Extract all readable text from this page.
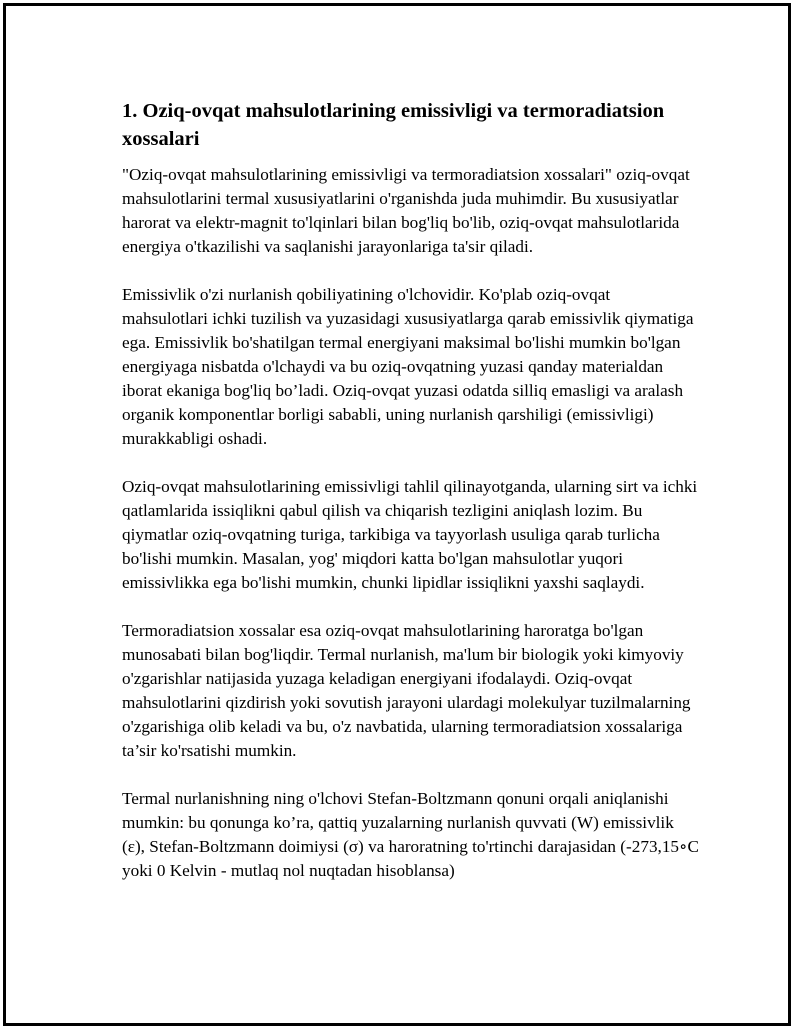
1. Oziq-ovqat mahsulotlarining emissivligi va termoradiatsion xossalari

"Oziq-ovqat mahsulotlarining emissivligi va termoradiatsion xossalari" oziq-ovqat mahsulotlarini termal xususiyatlarini o'rganishda juda muhimdir. Bu xususiyatlar harorat va elektr-magnit to'lqinlari bilan bog'liq bo'lib, oziq-ovqat mahsulotlarida energiya o'tkazilishi va saqlanishi jarayonlariga ta'sir qiladi.

Emissivlik o'zi nurlanish qobiliyatining o'lchovidir. Ko'plab oziq-ovqat mahsulotlari ichki tuzilish va yuzasidagi xususiyatlarga qarab emissivlik qiymatiga ega. Emissivlik bo'shatilgan termal energiyani maksimal bo'lishi mumkin bo'lgan energiyaga nisbatda o'lchaydi va bu oziq-ovqatning yuzasi qanday materialdan iborat ekaniga bog'liq bo’ladi. Oziq-ovqat yuzasi odatda silliq emasligi va aralash organik komponentlar borligi sababli, uning nurlanish qarshiligi (emissivligi) murakkabligi oshadi.

Oziq-ovqat mahsulotlarining emissivligi tahlil qilinayotganda, ularning sirt va ichki qatlamlarida issiqlikni qabul qilish va chiqarish tezligini aniqlash lozim. Bu qiymatlar oziq-ovqatning turiga, tarkibiga va tayyorlash usuliga qarab turlicha bo'lishi mumkin. Masalan, yog' miqdori katta bo'lgan mahsulotlar yuqori emissivlikka ega bo'lishi mumkin, chunki lipidlar issiqlikni yaxshi saqlaydi.

Termoradiatsion xossalar esa oziq-ovqat mahsulotlarining haroratga bo'lgan munosabati bilan bog'liqdir. Termal nurlanish, ma'lum bir biologik yoki kimyoviy o'zgarishlar natijasida yuzaga keladigan energiyani ifodalaydi. Oziq-ovqat mahsulotlarini qizdirish yoki sovutish jarayoni ulardagi molekulyar tuzilmalarning o'zgarishiga olib keladi va bu, o'z navbatida, ularning termoradiatsion xossalariga ta’sir ko'rsatishi mumkin.

Termal nurlanishning ning o'lchovi Stefan-Boltzmann qonuni orqali aniqlanishi mumkin: bu qonunga ko’ra, qattiq yuzalarning nurlanish quvvati (W) emissivlik (ε), Stefan-Boltzmann doimiysi (σ) va haroratning to'rtinchi darajasidan (-273,15∘C yoki 0 Kelvin - mutlaq nol nuqtadan hisoblansa)
